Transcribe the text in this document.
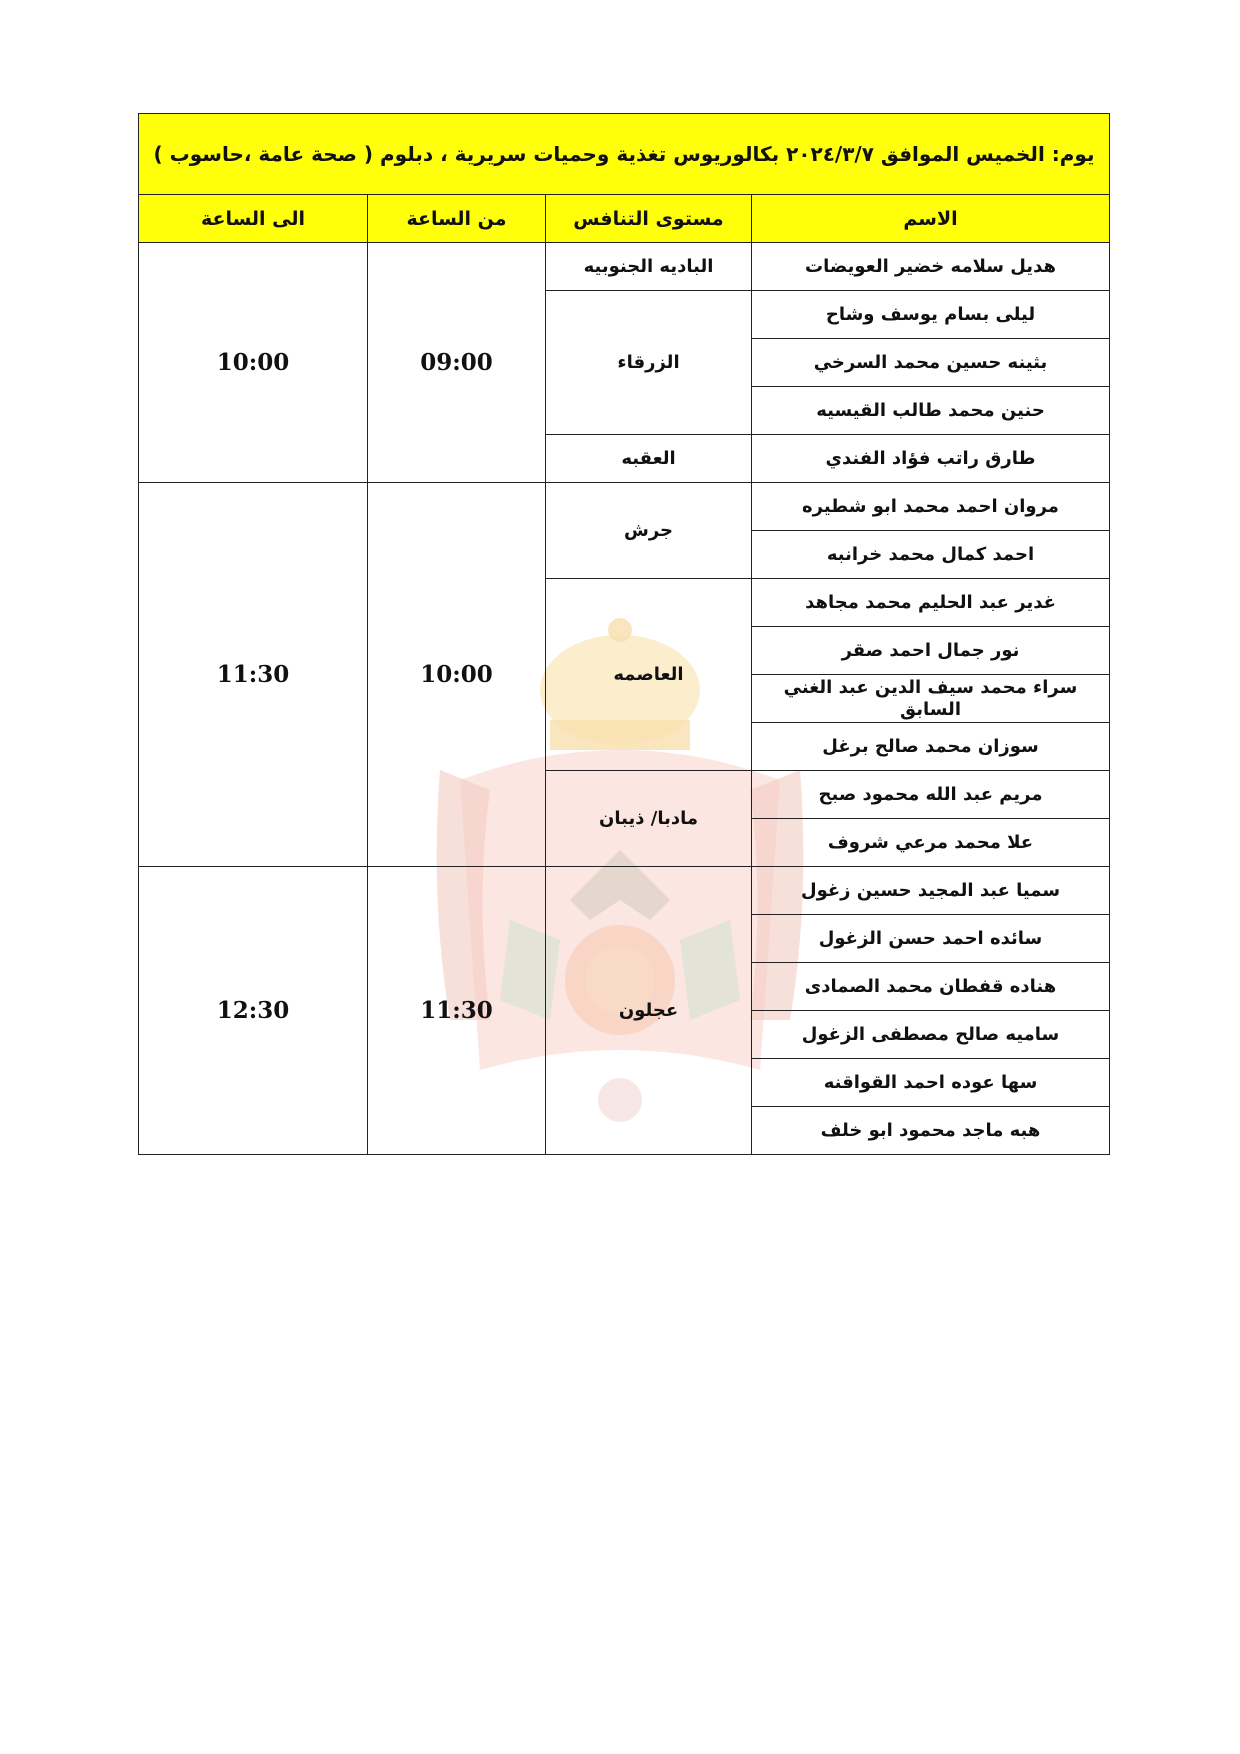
يوم: الخميس الموافق ٢٠٢٤/٣/٧ بكالوريوس تغذية وحميات سريرية ، دبلوم ( صحة عامة ،حاسوب )			
الاسم	مستوى التنافس	من الساعة	الى الساعة
هديل سلامه خضير العويضات	البادیه الجنوبیه	09:00	10:00
ليلى بسام يوسف وشاح	الزرقاء		
بثينه حسين محمد السرخي			
حنين محمد طالب القيسيه			
طارق راتب فؤاد الفندي	العقبه		
مروان احمد محمد ابو شطيره	جرش	10:00	11:30
احمد كمال محمد خرانبه			
غدير عبد الحليم محمد مجاهد	العاصمه		
نور جمال احمد صقر			
سراء محمد سيف الدين عبد الغني السابق			
سوزان محمد صالح برغل			
مريم عبد الله محمود صبح	مادبا/ ذيبان		
علا محمد مرعي شروف			
سميا عبد المجيد حسين زغول	عجلون	11:30	12:30
سائده احمد حسن الزغول			
هناده قفطان محمد الصمادى			
ساميه صالح مصطفى الزغول			
سها عوده احمد القواقنه			
هبه ماجد محمود ابو خلف			
